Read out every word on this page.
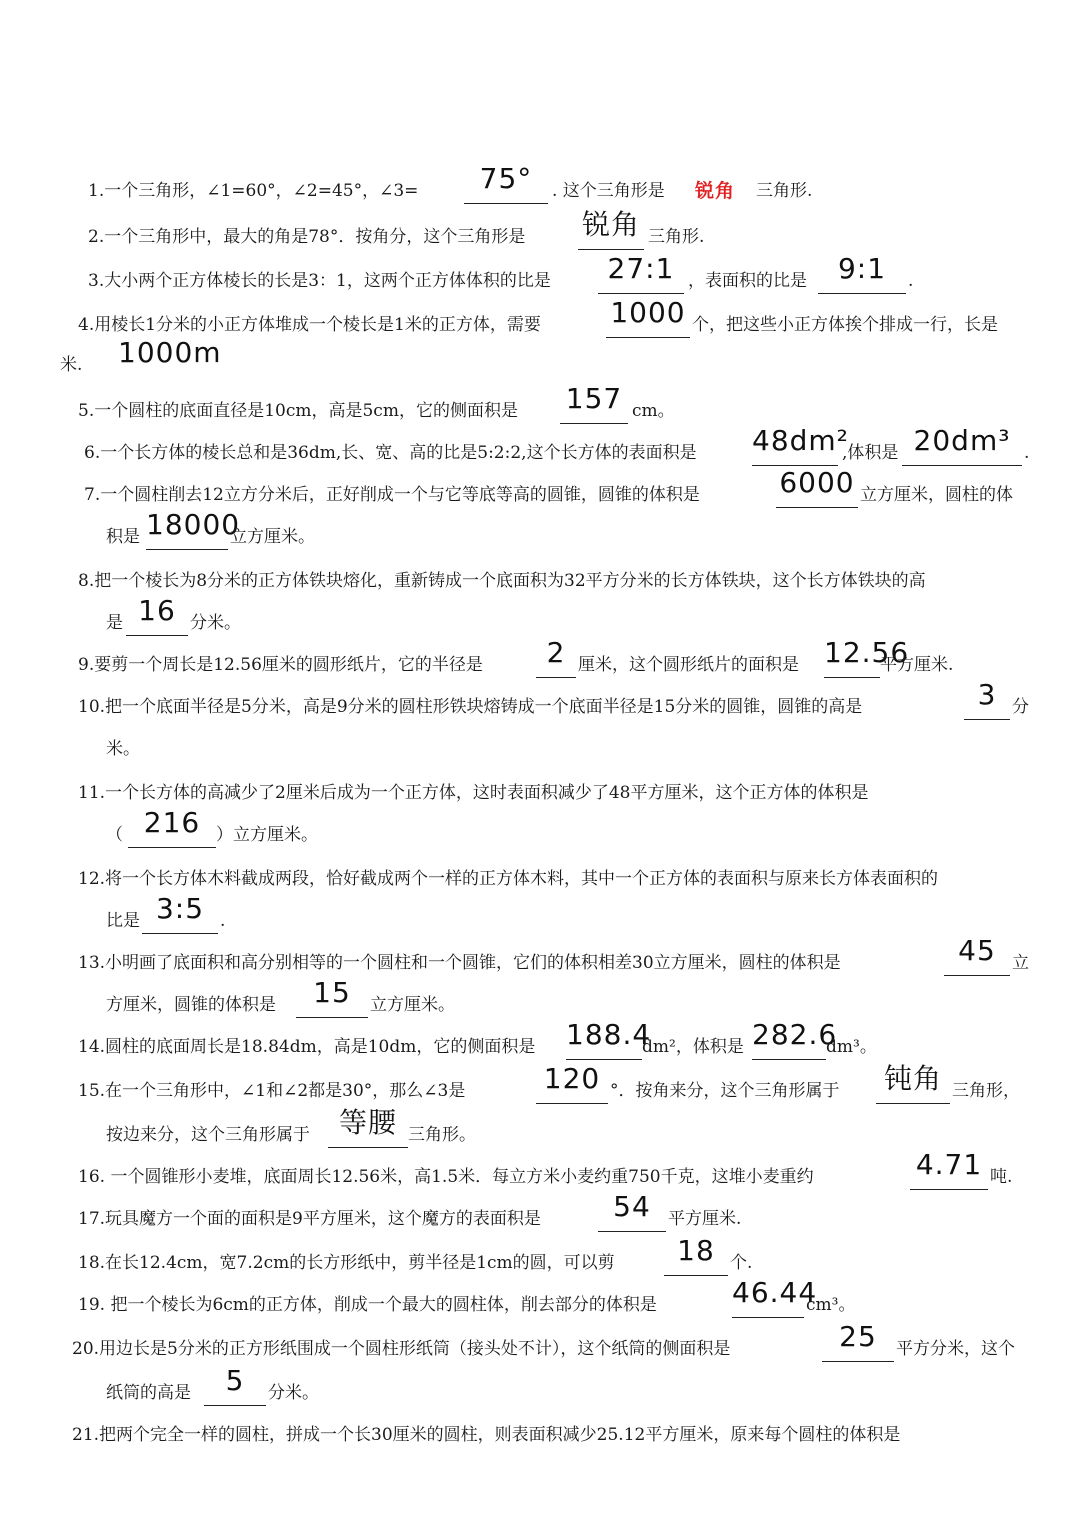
1.一个三角形，∠1=60°，∠2=45°，∠3=	75°	. 这个三角形是	锐角	三角形.
2.一个三角形中，最大的角是78°．按角分，这个三角形是 锐角 三角形.
3.大小两个正方体棱长的长是3：1，这两个正方体体积的比是	27:1 ，表面积的比是	9:1	.
4.用棱长1分米的小正方体堆成一个棱长是1米的正方体，需要 1000 个，把这些小正方体挨个排成一行，长是
米. 1000m
5.一个圆柱的底面直径是10cm，高是5cm，它的侧面积是 157 cm。
6.一个长方体的棱长总和是36dm,长、宽、高的比是5:2:2,这个长方体的表面积是 48dm²
,体积是 20dm³ .
7.一个圆柱削去12立方分米后，正好削成一个与它等底等高的圆锥，圆锥的体积是	6000 立方厘米，圆柱的体
积是 18000
立方厘米。
8.把一个棱长为8分米的正方体铁块熔化，重新铸成一个底面积为32平方分米的长方体铁块，这个长方体铁块的高
是 16 分米。
9.要剪一个周长是12.56厘米的圆形纸片，它的半径是	2 厘米，这个圆形纸片的面积是 12.56
平方厘米.
10.把一个底面半径是5分米，高是9分米的圆柱形铁块熔铸成一个底面半径是15分米的圆锥，圆锥的高是	3 分
米。
11.一个长方体的高减少了2厘米后成为一个正方体，这时表面积减少了48平方厘米，这个正方体的体积是
（ 216 ）立方厘米。
12.将一个长方体木料截成两段，恰好截成两个一样的正方体木料，其中一个正方体的表面积与原来长方体表面积的
比是 3:5 .
13.小明画了底面积和高分别相等的一个圆柱和一个圆锥，它们的体积相差30立方厘米，圆柱的体积是	45 立
方厘米，圆锥的体积是	15	立方厘米。
14.圆柱的底面周长是18.84dm，高是10dm，它的侧面积是 188.4
dm²，体积是 282.6
dm³。
15.在一个三角形中，∠1和∠2都是30°，那么∠3是	120 °．按角来分，这个三角形属于 钝角 三角形，
按边来分，这个三角形属于	等腰 三角形。
16. 一个圆锥形小麦堆，底面周长12.56米，高1.5米．每立方米小麦约重750千克，这堆小麦重约	4.71 吨.
17.玩具魔方一个面的面积是9平方厘米，这个魔方的表面积是	54	平方厘米.
18.在长12.4cm，宽7.2cm的长方形纸中，剪半径是1cm的圆，可以剪	18 个.
19. 把一个棱长为6cm的正方体，削成一个最大的圆柱体，削去部分的体积是	46.44
cm³。
20.用边长是5分米的正方形纸围成一个圆柱形纸筒（接头处不计），这个纸筒的侧面积是	25	平方分米，这个
纸筒的高是	5	分米。
21.把两个完全一样的圆柱，拼成一个长30厘米的圆柱，则表面积减少25.12平方厘米，原来每个圆柱的体积是
